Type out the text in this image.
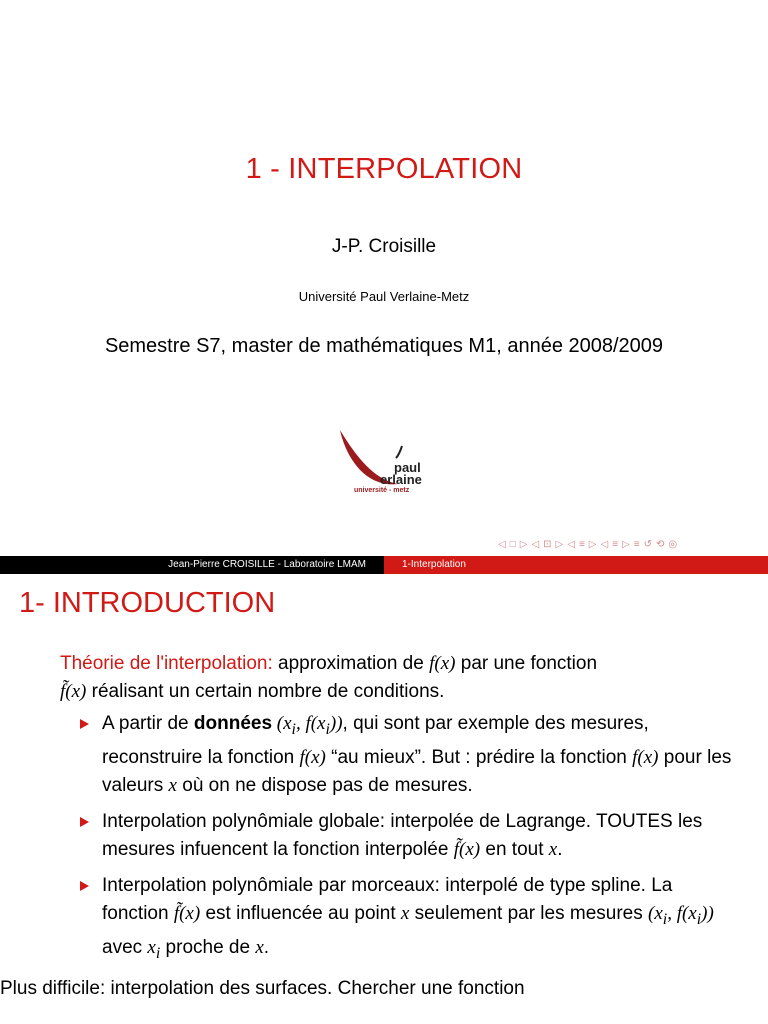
1 - INTERPOLATION
J-P. Croisille
Université Paul Verlaine-Metz
Semestre S7, master de mathématiques M1, année 2008/2009
paul
erlaine
université - metz
◁ □ ▷ ◁ ⊡ ▷ ◁ ≡ ▷ ◁ ≡ ▷ ≡ ↺ ⟲ ◎
Jean-Pierre CROISILLE - Laboratoire LMAM	1-Interpolation
1- INTRODUCTION

Théorie de l'interpolation: approximation de f(x) par une fonction
f̃(x) réalisant un certain nombre de conditions.

A partir de données ($x_i$, $f(x_i)$), qui sont par exemple des mesures, reconstruire la fonction f(x) “au mieux”. But : prédire la fonction f(x) pour les valeurs x où on ne dispose pas de mesures.
Interpolation polynômiale globale: interpolée de Lagrange. TOUTES les mesures infuencent la fonction interpolée f̃(x) en tout x.
Interpolation polynômiale par morceaux: interpolé de type spline. La fonction f̃(x) est influencée au point x seulement par les mesures ($x_i$, $f(x_i)$) avec $x_i$ proche de x.

Plus difficile: interpolation des surfaces. Chercher une fonction
